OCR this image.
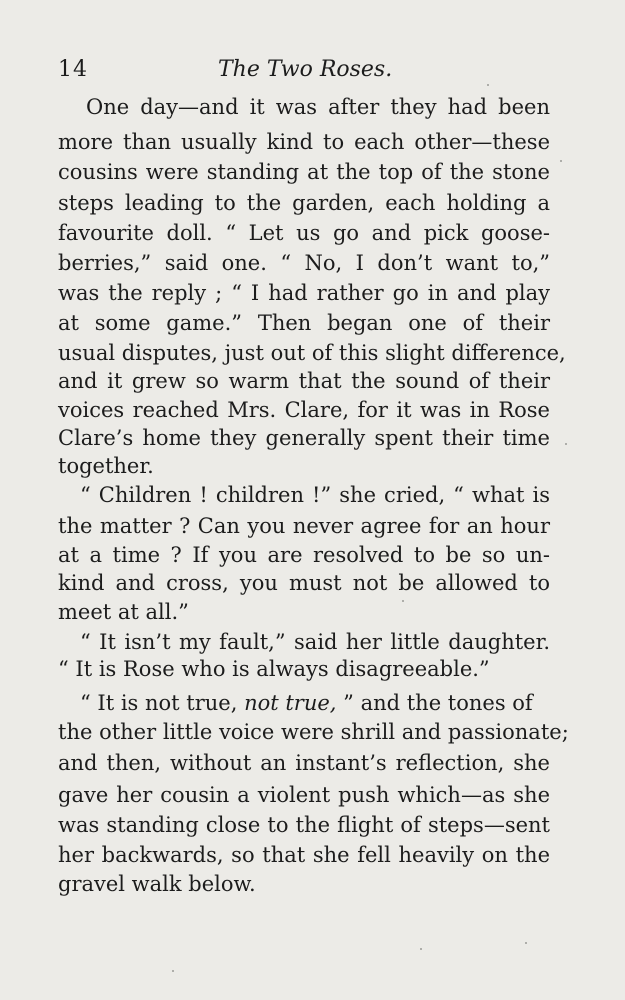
14	The Two Roses.
One day—and it was after they had been
more than usually kind to each other—these
cousins were standing at the top of the stone
steps leading to the garden, each holding a
favourite doll. “ Let us go and pick goose-
berries,” said one. “ No, I don’t want to,”
was the reply ; “ I had rather go in and play
at some game.” Then began one of their
usual disputes, just out of this slight difference,
and it grew so warm that the sound of their
voices reached Mrs. Clare, for it was in Rose
Clare’s home they generally spent their time
together.
“ Children ! children !” she cried, “ what is
the matter ? Can you never agree for an hour
at a time ? If you are resolved to be so un-
kind and cross, you must not be allowed to
meet at all.”
“ It isn’t my fault,” said her little daughter.
“ It is Rose who is always disagreeable.”
“ It is not true, not true, ” and the tones of
the other little voice were shrill and passionate;
and then, without an instant’s reflection, she
gave her cousin a violent push which—as she
was standing close to the flight of steps—sent
her backwards, so that she fell heavily on the
gravel walk below.
